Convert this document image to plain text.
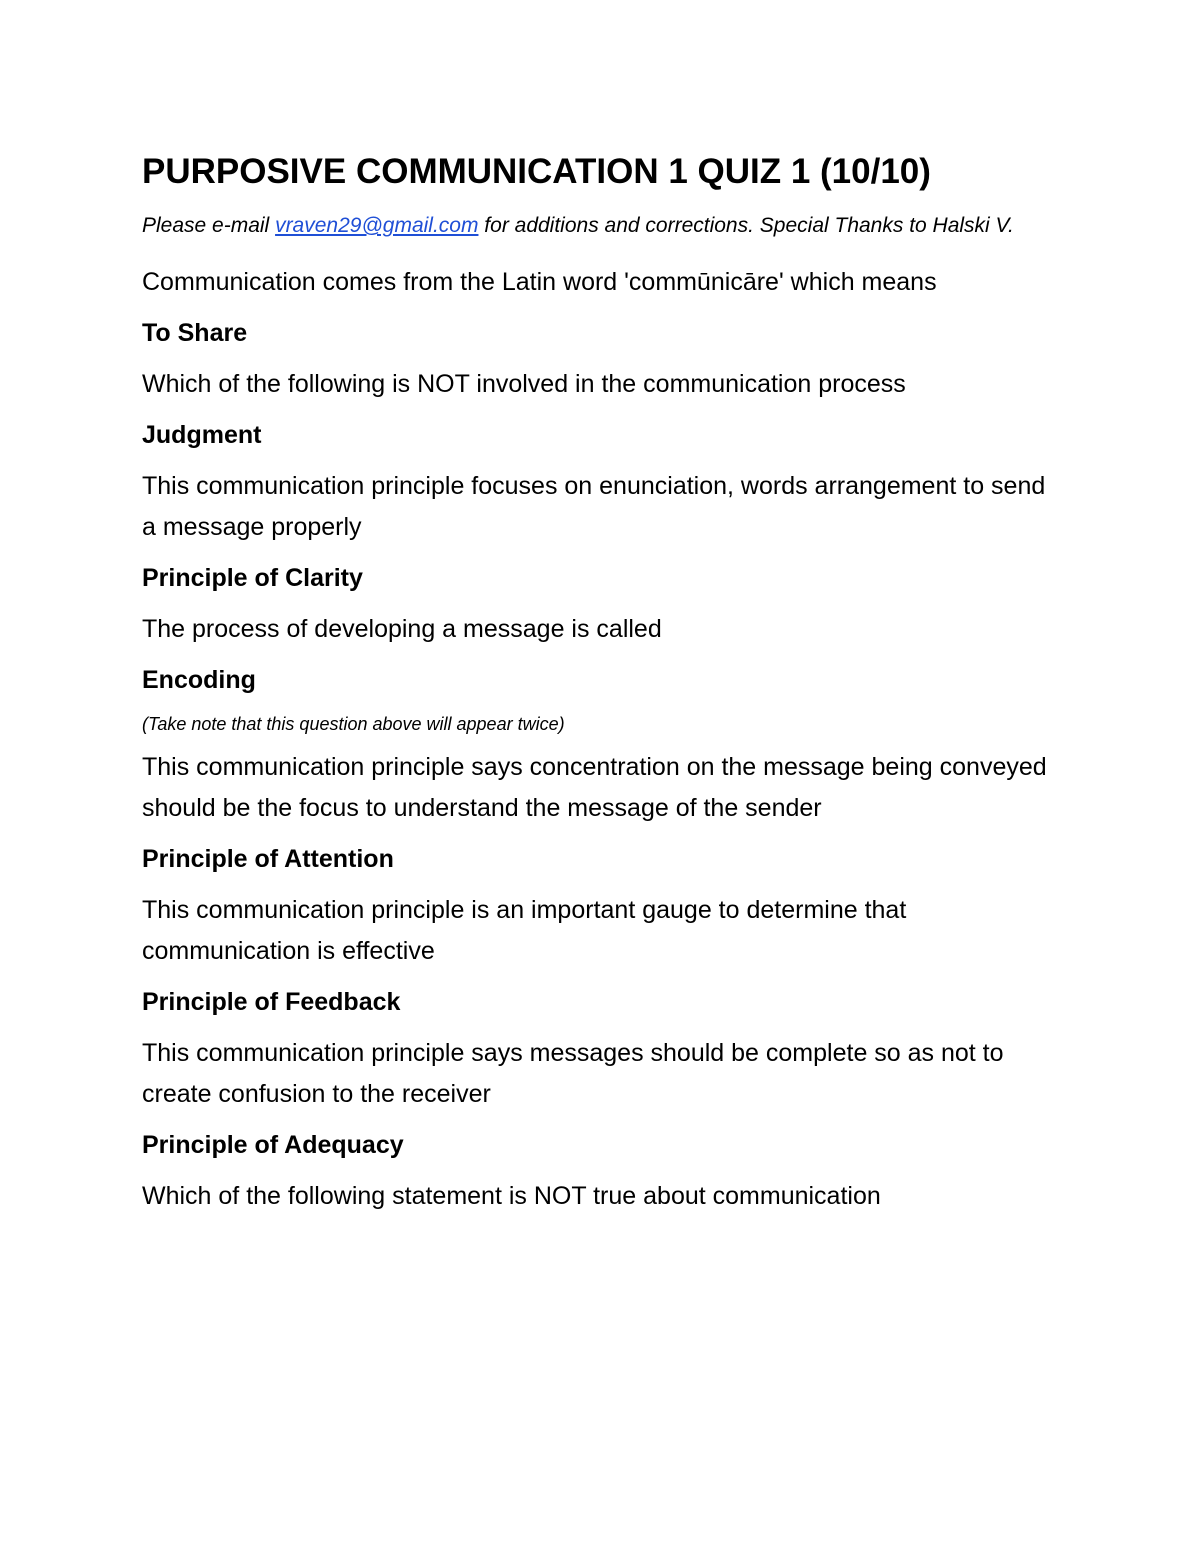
PURPOSIVE COMMUNICATION 1 QUIZ 1 (10/10)

Please e-mail vraven29@gmail.com for additions and corrections. Special Thanks to Halski V.

Communication comes from the Latin word 'commūnicāre' which means

To Share

Which of the following is NOT involved in the communication process

Judgment

This communication principle focuses on enunciation, words arrangement to send a message properly

Principle of Clarity

The process of developing a message is called

Encoding

(Take note that this question above will appear twice)

This communication principle says concentration on the message being conveyed should be the focus to understand the message of the sender

Principle of Attention

This communication principle is an important gauge to determine that communication is effective

Principle of Feedback

This communication principle says messages should be complete so as not to create confusion to the receiver

Principle of Adequacy

Which of the following statement is NOT true about communication
